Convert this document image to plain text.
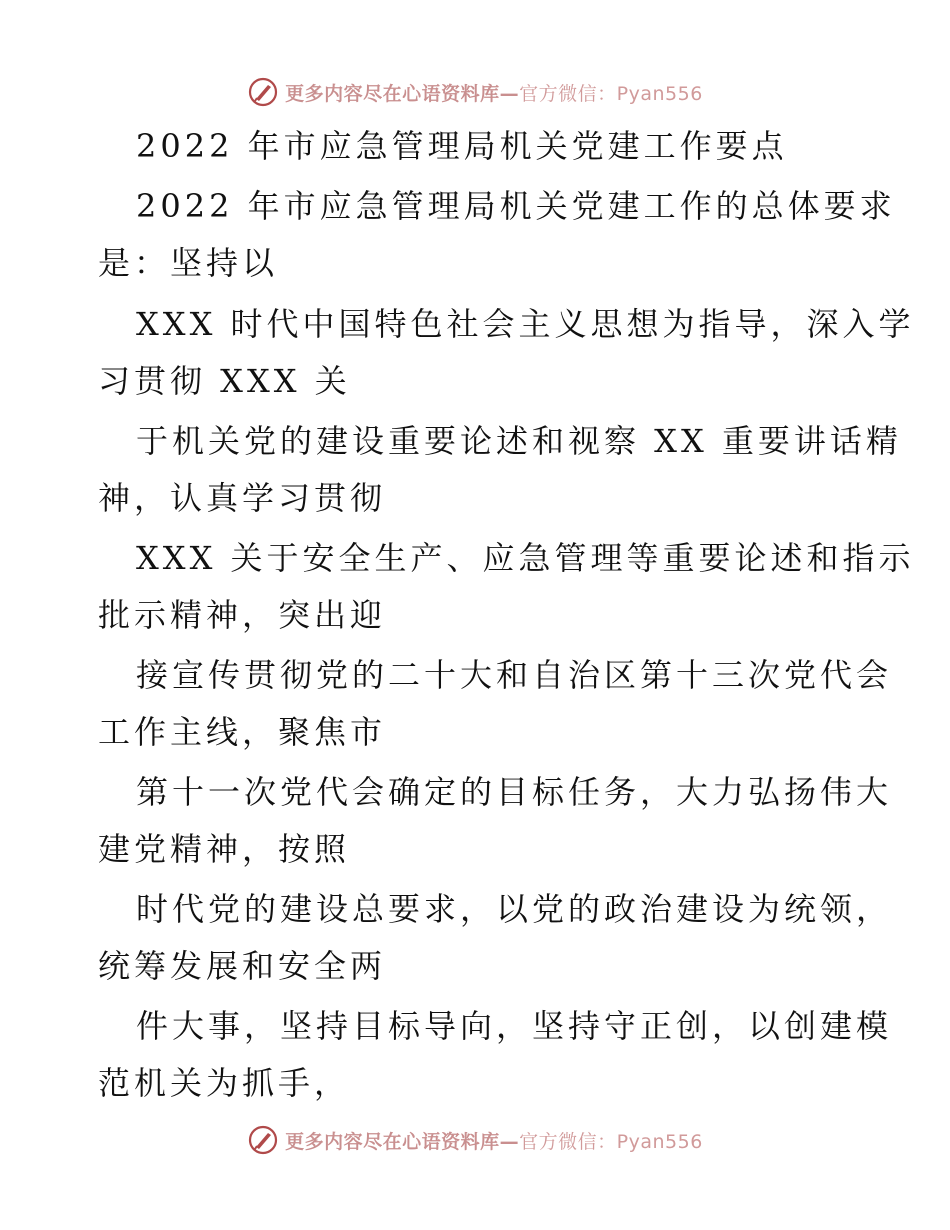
更多内容尽在心语资料库—官方微信：Pyan556
2022 年市应急管理局机关党建工作要点
2022 年市应急管理局机关党建工作的总体要求
是：坚持以
XXX 时代中国特色社会主义思想为指导，深入学
习贯彻 XXX 关
于机关党的建设重要论述和视察 XX 重要讲话精
神，认真学习贯彻
XXX 关于安全生产、应急管理等重要论述和指示
批示精神，突出迎
接宣传贯彻党的二十大和自治区第十三次党代会
工作主线，聚焦市
第十一次党代会确定的目标任务，大力弘扬伟大
建党精神，按照
时代党的建设总要求，以党的政治建设为统领，
统筹发展和安全两
件大事，坚持目标导向，坚持守正创，以创建模
范机关为抓手，
更多内容尽在心语资料库—官方微信：Pyan556
